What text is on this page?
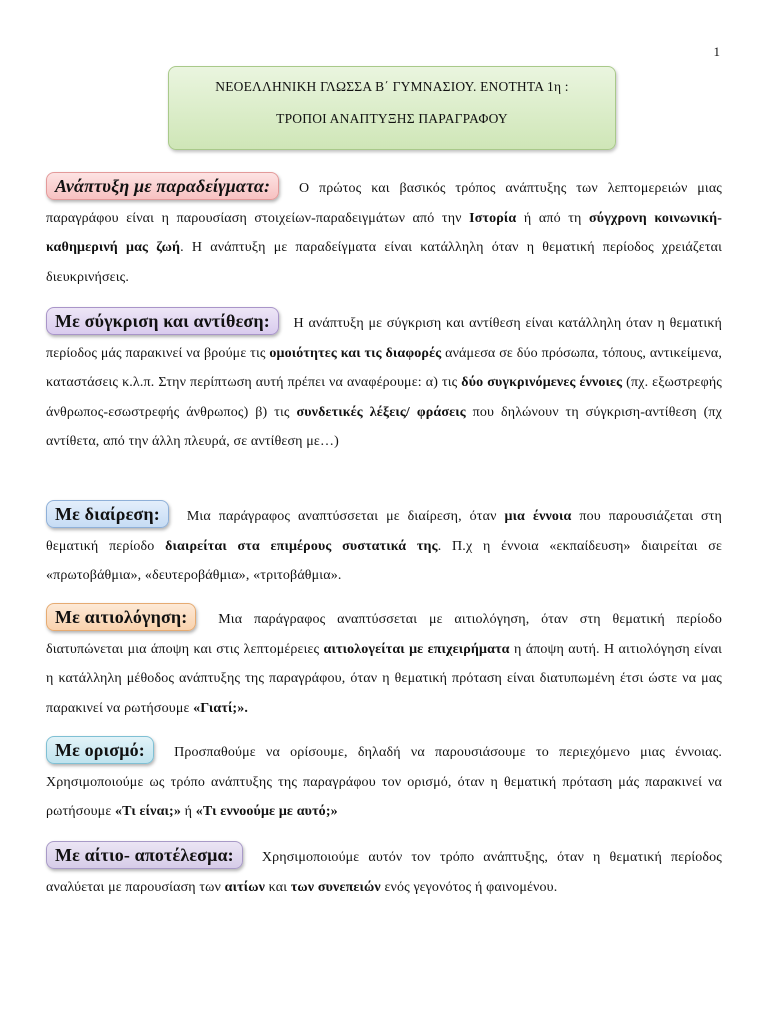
1
ΝΕΟΕΛΛΗΝΙΚΗ ΓΛΩΣΣΑ Β΄ ΓΥΜΝΑΣΙΟΥ. ΕΝΟΤΗΤΑ 1η :
ΤΡΟΠΟΙ ΑΝΑΠΤΥΞΗΣ ΠΑΡΑΓΡΑΦΟΥ
Ανάπτυξη με παραδείγματα: Ο πρώτος και βασικός τρόπος ανάπτυξης των λεπτομερειών μιας παραγράφου είναι η παρουσίαση στοιχείων-παραδειγμάτων από την Ιστορία ή από τη σύγχρονη κοινωνική-καθημερινή μας ζωή. Η ανάπτυξη με παραδείγματα είναι κατάλληλη όταν η θεματική περίοδος χρειάζεται διευκρινήσεις.
Με σύγκριση και αντίθεση: Η ανάπτυξη με σύγκριση και αντίθεση είναι κατάλληλη όταν η θεματική περίοδος μάς παρακινεί να βρούμε τις ομοιότητες και τις διαφορές ανάμεσα σε δύο πρόσωπα, τόπους, αντικείμενα, καταστάσεις κ.λ.π. Στην περίπτωση αυτή πρέπει να αναφέρουμε: α) τις δύο συγκρινόμενες έννοιες (πχ. εξωστρεφής άνθρωπος-εσωστρεφής άνθρωπος) β) τις συνδετικές λέξεις/ φράσεις που δηλώνουν τη σύγκριση-αντίθεση (πχ αντίθετα, από την άλλη πλευρά, σε αντίθεση με…)
Με διαίρεση: Μια παράγραφος αναπτύσσεται με διαίρεση, όταν μια έννοια που παρουσιάζεται στη θεματική περίοδο διαιρείται στα επιμέρους συστατικά της. Π.χ η έννοια «εκπαίδευση» διαιρείται σε «πρωτοβάθμια», «δευτεροβάθμια», «τριτοβάθμια».
Με αιτιολόγηση: Μια παράγραφος αναπτύσσεται με αιτιολόγηση, όταν στη θεματική περίοδο διατυπώνεται μια άποψη και στις λεπτομέρειες αιτιολογείται με επιχειρήματα η άποψη αυτή. Η αιτιολόγηση είναι η κατάλληλη μέθοδος ανάπτυξης της παραγράφου, όταν η θεματική πρόταση είναι διατυπωμένη έτσι ώστε να μας παρακινεί να ρωτήσουμε «Γιατί;».
Με ορισμό: Προσπαθούμε να ορίσουμε, δηλαδή να παρουσιάσουμε το περιεχόμενο μιας έννοιας. Χρησιμοποιούμε ως τρόπο ανάπτυξης της παραγράφου τον ορισμό, όταν η θεματική πρόταση μάς παρακινεί να ρωτήσουμε «Τι είναι;» ή «Τι εννοούμε με αυτό;»
Με αίτιο- αποτέλεσμα: Χρησιμοποιούμε αυτόν τον τρόπο ανάπτυξης, όταν η θεματική περίοδος αναλύεται με παρουσίαση των αιτίων και των συνεπειών ενός γεγονότος ή φαινομένου.
